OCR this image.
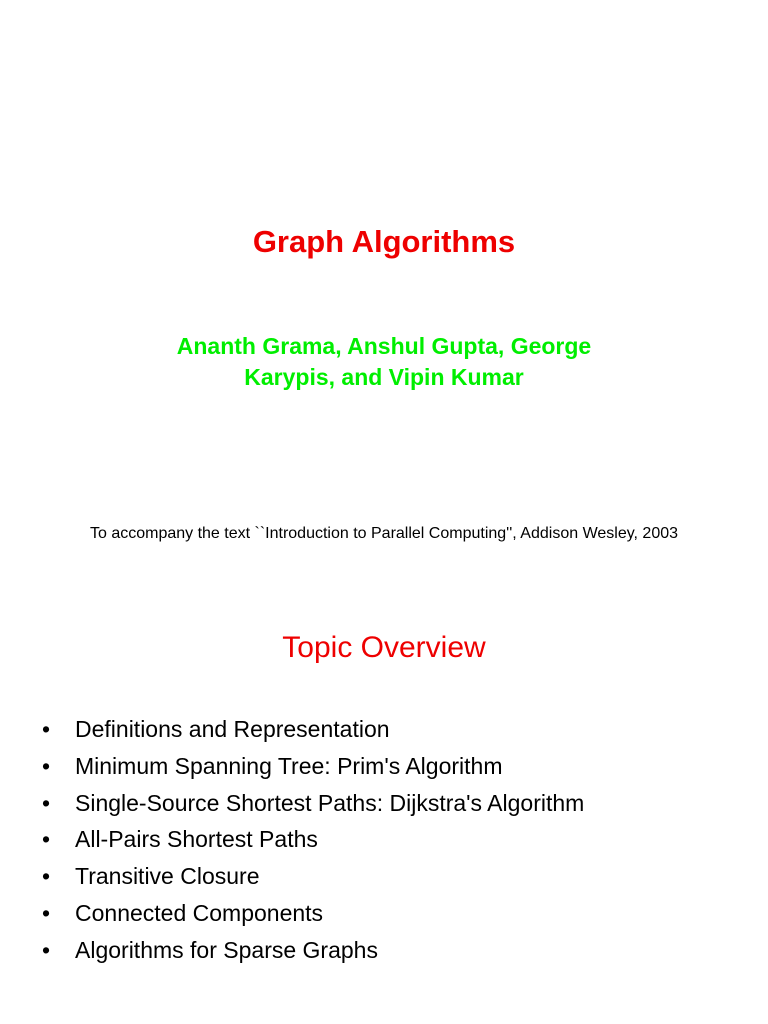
Graph Algorithms
Ananth Grama, Anshul Gupta, George
Karypis, and Vipin Kumar

To accompany the text ``Introduction to Parallel Computing'', Addison Wesley, 2003

Topic Overview
• Definitions and Representation
• Minimum Spanning Tree: Prim's Algorithm
• Single-Source Shortest Paths: Dijkstra's Algorithm
• All-Pairs Shortest Paths
• Transitive Closure
• Connected Components
• Algorithms for Sparse Graphs
